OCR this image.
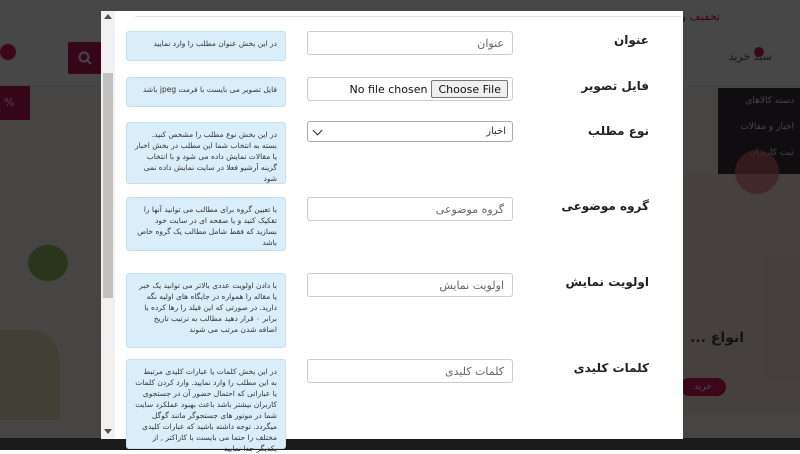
عنوان
عنوان
در این بخش عنوان مطلب را وارد نمایید
فایل تصویر
Choose File
No file chosen
فایل تصویر می بایست با فرمت jpeg باشد
نوع مطلب
اخبار
در این بخش نوع مطلب را مشخص کنید. بسته به انتخاب شما این مطلب در بخش اخبار یا مقالات نمایش داده می شود و با انتخاب گزینه آرشیو فعلا در سایت نمایش داده نمی شود
گروه موضوعی
گروه موضوعی
با تعیین گروه برای مطالب می توانید آنها را تفکیک کنید و یا صفحه ای در سایت خود بسازید که فقط شامل مطالب یک گروه خاص باشد
اولویت نمایش
اولویت نمایش
با دادن اولویت عددی بالاتر می توانید یک خبر یا مقاله را همواره در جایگاه های اولیه نگه دارید. در صورتی که این فیلد را رها کرده یا برابر ۰ قرار دهید مطالب به ترتیب تاریخ اضافه شدن مرتب می شوند
کلمات کلیدی
کلمات کلیدی
در این بخش کلمات یا عبارات کلیدی مرتبط به این مطلب را وارد نمایید. وارد کردن کلمات یا عباراتی که احتمال حضور آن در جستجوی کاربران بیشتر باشد باعث بهبود عملکرد سایت شما در موتور های جستجوگر مانند گوگل میگردد. توجه داشته باشید که عبارات کلیدی مختلف را حتما می بایست با کاراکتر , از یکدیگر جدا نمایید
